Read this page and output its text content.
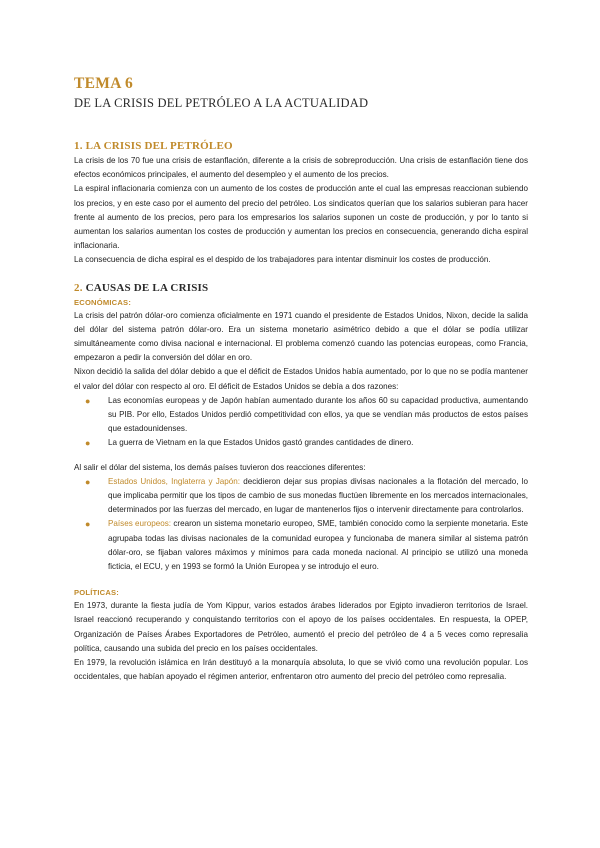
TEMA 6
DE LA CRISIS DEL PETRÓLEO A LA ACTUALIDAD
1. LA CRISIS DEL PETRÓLEO

La crisis de los 70 fue una crisis de estanflación, diferente a la crisis de sobreproducción. Una crisis de estanflación tiene dos efectos económicos principales, el aumento del desempleo y el aumento de los precios.

La espiral inflacionaria comienza con un aumento de los costes de producción ante el cual las empresas reaccionan subiendo los precios, y en este caso por el aumento del precio del petróleo. Los sindicatos querían que los salarios subieran para hacer frente al aumento de los precios, pero para los empresarios los salarios suponen un coste de producción, y por lo tanto si aumentan los salarios aumentan los costes de producción y aumentan los precios en consecuencia, generando dicha espiral inflacionaria.

La consecuencia de dicha espiral es el despido de los trabajadores para intentar disminuir los costes de producción.

2. CAUSAS DE LA CRISIS
ECONÓMICAS:

La crisis del patrón dólar-oro comienza oficialmente en 1971 cuando el presidente de Estados Unidos, Nixon, decide la salida del dólar del sistema patrón dólar-oro. Era un sistema monetario asimétrico debido a que el dólar se podía utilizar simultáneamente como divisa nacional e internacional. El problema comenzó cuando las potencias europeas, como Francia, empezaron a pedir la conversión del dólar en oro.

Nixon decidió la salida del dólar debido a que el déficit de Estados Unidos había aumentado, por lo que no se podía mantener el valor del dólar con respecto al oro. El déficit de Estados Unidos se debía a dos razones:

● Las economías europeas y de Japón habían aumentado durante los años 60 su capacidad productiva, aumentando su PIB. Por ello, Estados Unidos perdió competitividad con ellos, ya que se vendían más productos de estos países que estadounidenses.
● La guerra de Vietnam en la que Estados Unidos gastó grandes cantidades de dinero.

Al salir el dólar del sistema, los demás países tuvieron dos reacciones diferentes:

● Estados Unidos, Inglaterra y Japón: decidieron dejar sus propias divisas nacionales a la flotación del mercado, lo que implicaba permitir que los tipos de cambio de sus monedas fluctúen libremente en los mercados internacionales, determinados por las fuerzas del mercado, en lugar de mantenerlos fijos o intervenir directamente para controlarlos.
● Países europeos: crearon un sistema monetario europeo, SME, también conocido como la serpiente monetaria. Este agrupaba todas las divisas nacionales de la comunidad europea y funcionaba de manera similar al sistema patrón dólar-oro, se fijaban valores máximos y mínimos para cada moneda nacional. Al principio se utilizó una moneda ficticia, el ECU, y en 1993 se formó la Unión Europea y se introdujo el euro.
POLÍTICAS:

En 1973, durante la fiesta judía de Yom Kippur, varios estados árabes liderados por Egipto invadieron territorios de Israel. Israel reaccionó recuperando y conquistando territorios con el apoyo de los países occidentales. En respuesta, la OPEP, Organización de Países Árabes Exportadores de Petróleo, aumentó el precio del petróleo de 4 a 5 veces como represalia política, causando una subida del precio en los países occidentales.

En 1979, la revolución islámica en Irán destituyó a la monarquía absoluta, lo que se vivió como una revolución popular. Los occidentales, que habían apoyado el régimen anterior, enfrentaron otro aumento del precio del petróleo como represalia.
